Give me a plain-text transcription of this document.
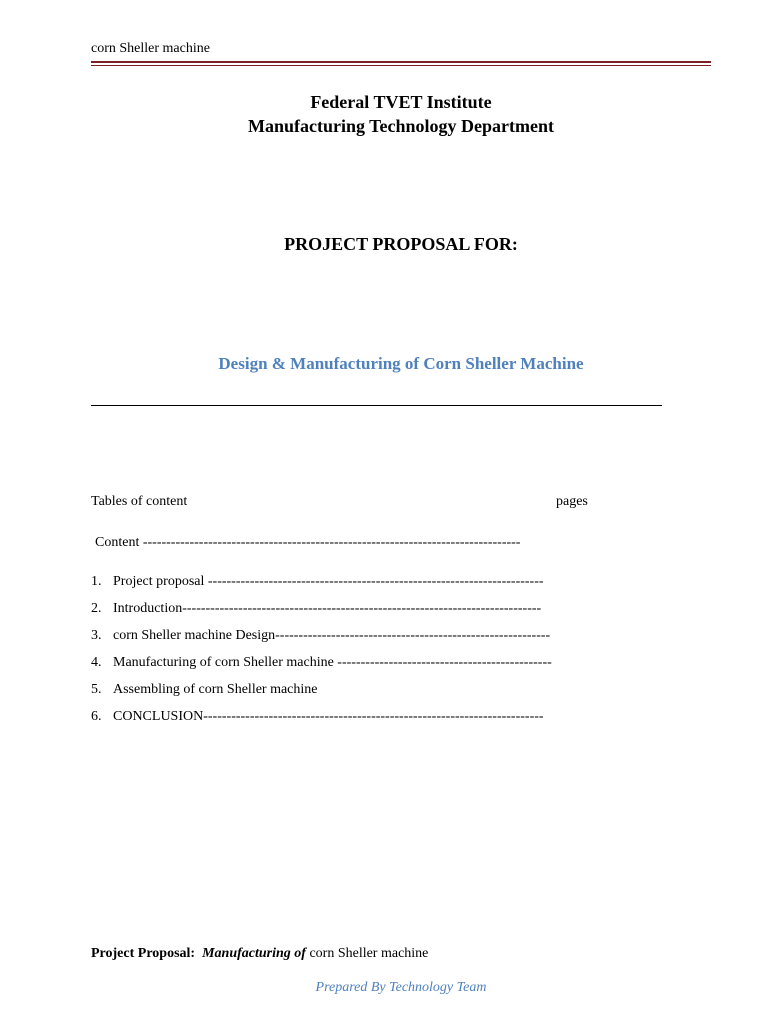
corn Sheller machine
Federal TVET Institute
Manufacturing Technology Department
PROJECT PROPOSAL FOR:
Design & Manufacturing of Corn Sheller Machine
Tables of content	pages
Content ---------------------------------------------------------------------------------
1. Project proposal ------------------------------------------------------------------------
2. Introduction-----------------------------------------------------------------------------
3. corn Sheller machine Design-----------------------------------------------------------
4. Manufacturing of corn Sheller machine ----------------------------------------------
5. Assembling of corn Sheller machine
6. CONCLUSION-------------------------------------------------------------------------
Project Proposal: Manufacturing of corn Sheller machine
Prepared By Technology Team
